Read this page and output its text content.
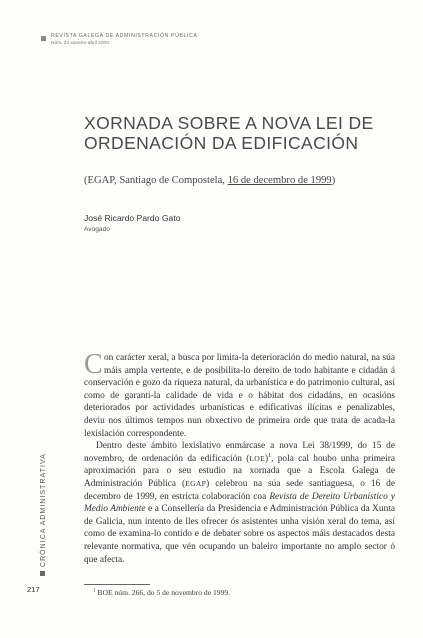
REVISTA GALEGA DE ADMINISTRACIÓN PÚBLICA
Núm. 24 xaneiro-abril 2000
XORNADA SOBRE A NOVA LEI DE
ORDENACIÓN DA EDIFICACIÓN
(EGAP, Santiago de Compostela, 16 de decembro de 1999)
José Ricardo Pardo Gato
Avogado

Con carácter xeral, a busca por limita-la deterioración do medio natural, na súa máis ampla vertente, e de posibilita-lo dereito de todo habitante e cidadán á conservación e gozo da riqueza natural, da urbanística e do patrimonio cultural, así como de garanti-la calidade de vida e o hábitat dos cidadáns, en ocasións deteriorados por actividades urbanísticas e edificativas ilícitas e penalizables, deviu nos últimos tempos nun obxectivo de primeira orde que trata de acada-la lexislación correspondente.

Dentro deste ámbito lexislativo enmárcase a nova Lei 38/1999, do 15 de novembro, de ordenación da edificación (LOE)$^1$, pola cal houbo unha primeira aproximación para o seu estudio na xornada que a Escola Galega de Administración Pública (EGAP) celebrou na súa sede santiaguesa, o 16 de decembro de 1999, en estricta colaboración coa Revista de Dereito Urbanístico y Medio Ambiente e a Consellería da Presidencia e Administración Pública da Xunta de Galicia, nun intento de lles ofrecer ós asistentes unha visión xeral do tema, así como de examina-lo contido e de debater sobre os aspectos máis destacados desta relevante normativa, que vén ocupando un baleiro importante no amplo sector ó que afecta.

$^1$ BOE núm. 266, do 5 de novembro de 1999.
CRÓNICA ADMINISTRATIVA
217
